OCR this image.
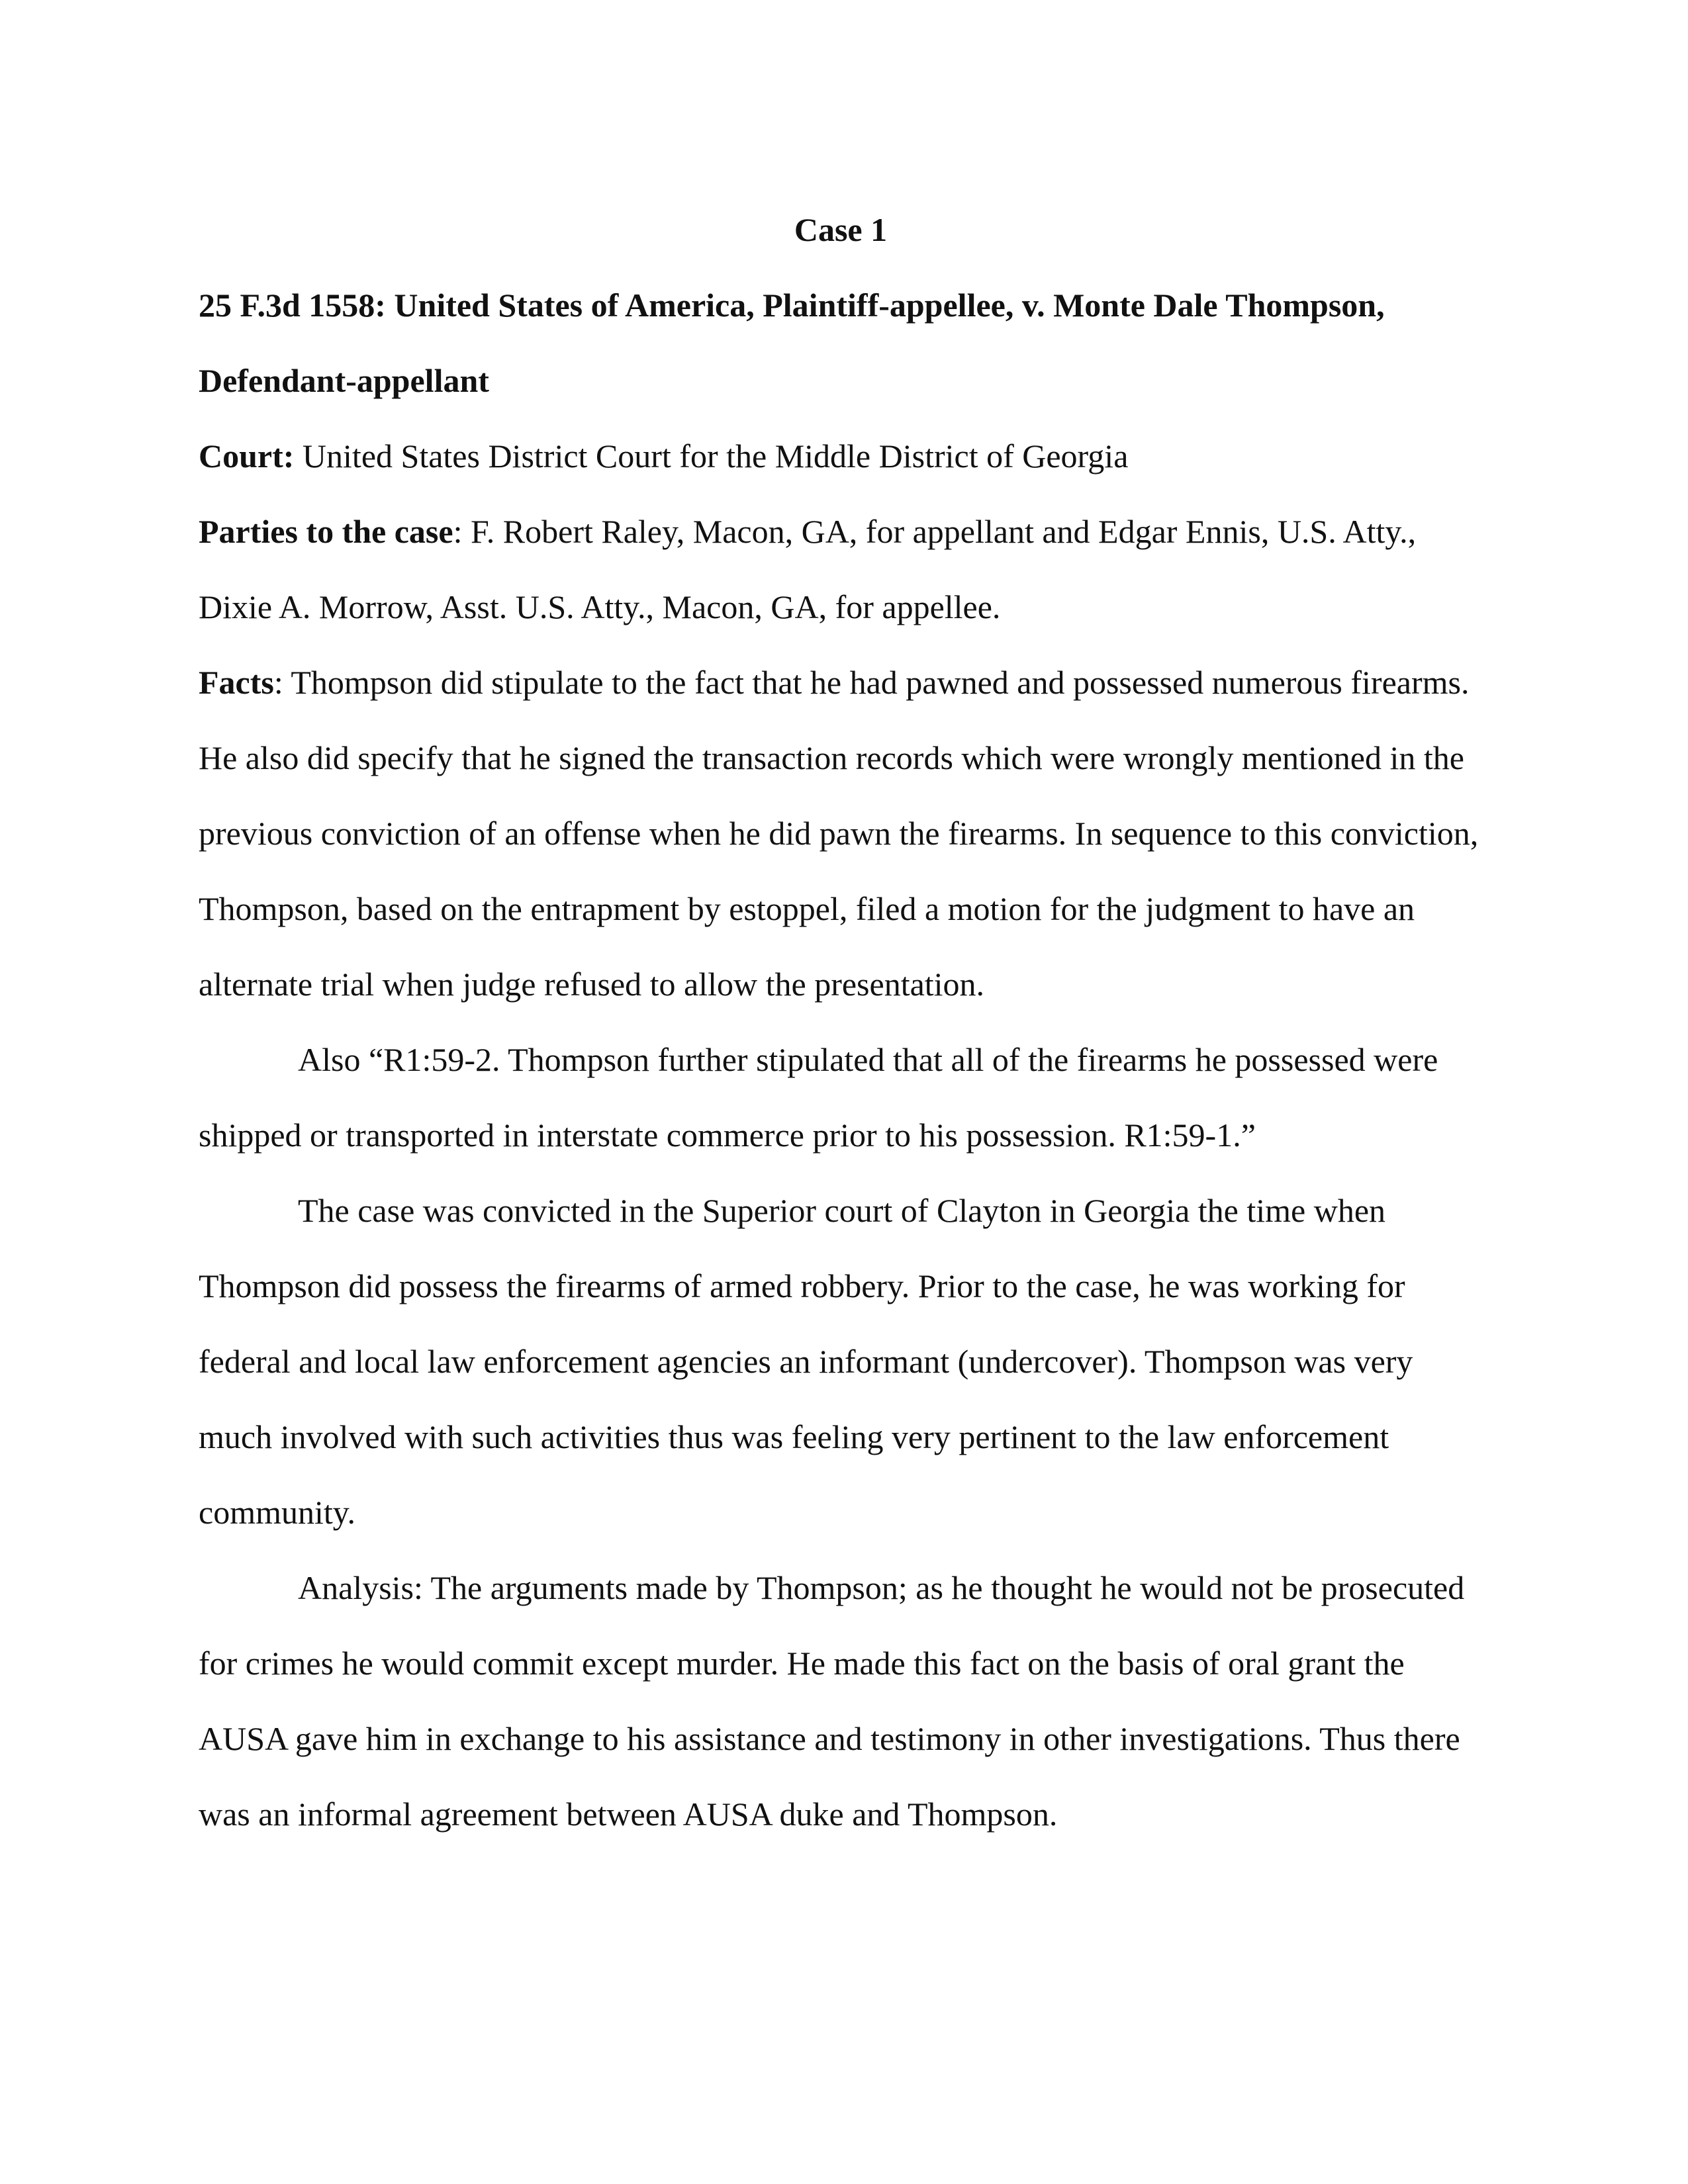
Case 1

25 F.3d 1558: United States of America, Plaintiff-appellee, v. Monte Dale Thompson, Defendant-appellant

Court: United States District Court for the Middle District of Georgia

Parties to the case: F. Robert Raley, Macon, GA, for appellant and Edgar Ennis, U.S. Atty., Dixie A. Morrow, Asst. U.S. Atty., Macon, GA, for appellee.

Facts: Thompson did stipulate to the fact that he had pawned and possessed numerous firearms. He also did specify that he signed the transaction records which were wrongly mentioned in the previous conviction of an offense when he did pawn the firearms. In sequence to this conviction, Thompson, based on the entrapment by estoppel, filed a motion for the judgment to have an alternate trial when judge refused to allow the presentation.

Also “R1:59-2. Thompson further stipulated that all of the firearms he possessed were shipped or transported in interstate commerce prior to his possession. R1:59-1.”

The case was convicted in the Superior court of Clayton in Georgia the time when Thompson did possess the firearms of armed robbery. Prior to the case, he was working for federal and local law enforcement agencies an informant (undercover). Thompson was very much involved with such activities thus was feeling very pertinent to the law enforcement community.

Analysis: The arguments made by Thompson; as he thought he would not be prosecuted for crimes he would commit except murder. He made this fact on the basis of oral grant the AUSA gave him in exchange to his assistance and testimony in other investigations. Thus there was an informal agreement between AUSA duke and Thompson.
